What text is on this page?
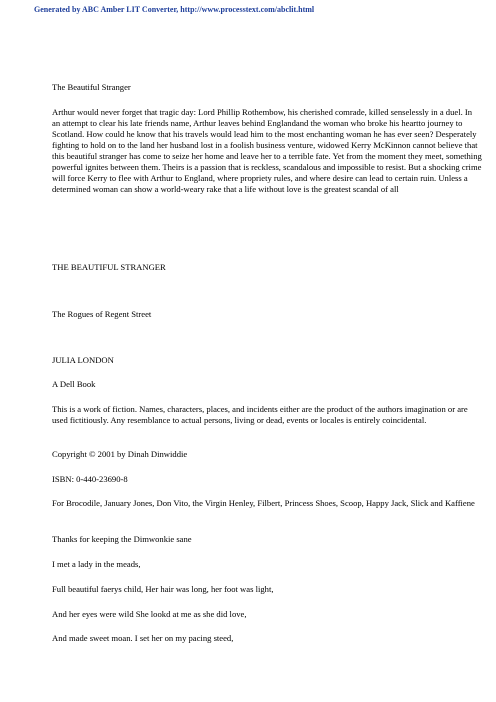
Generated by ABC Amber LIT Converter, http://www.processtext.com/abclit.html

The Beautiful Stranger

Arthur would never forget that tragic day: Lord Phillip Rothembow, his cherished comrade, killed senselessly in a duel. In an attempt to clear his late friends name, Arthur leaves behind Englandand the woman who broke his heartto journey to Scotland. How could he know that his travels would lead him to the most enchanting woman he has ever seen? Desperately fighting to hold on to the land her husband lost in a foolish business venture, widowed Kerry McKinnon cannot believe that this beautiful stranger has come to seize her home and leave her to a terrible fate. Yet from the moment they meet, something powerful ignites between them. Theirs is a passion that is reckless, scandalous and impossible to resist. But a shocking crime will force Kerry to flee with Arthur to England, where propriety rules, and where desire can lead to certain ruin. Unless a determined woman can show a world-weary rake that a life without love is the greatest scandal of all

THE BEAUTIFUL STRANGER

The Rogues of Regent Street

JULIA LONDON

A Dell Book

This is a work of fiction. Names, characters, places, and incidents either are the product of the authors imagination or are used fictitiously. Any resemblance to actual persons, living or dead, events or locales is entirely coincidental.

Copyright © 2001 by Dinah Dinwiddie

ISBN: 0-440-23690-8

For Brocodile, January Jones, Don Vito, the Virgin Henley, Filbert, Princess Shoes, Scoop, Happy Jack, Slick and Kaffiene

Thanks for keeping the Dimwonkie sane

I met a lady in the meads,

Full beautiful faerys child, Her hair was long, her foot was light,

And her eyes were wild She lookd at me as she did love,

And made sweet moan. I set her on my pacing steed,
